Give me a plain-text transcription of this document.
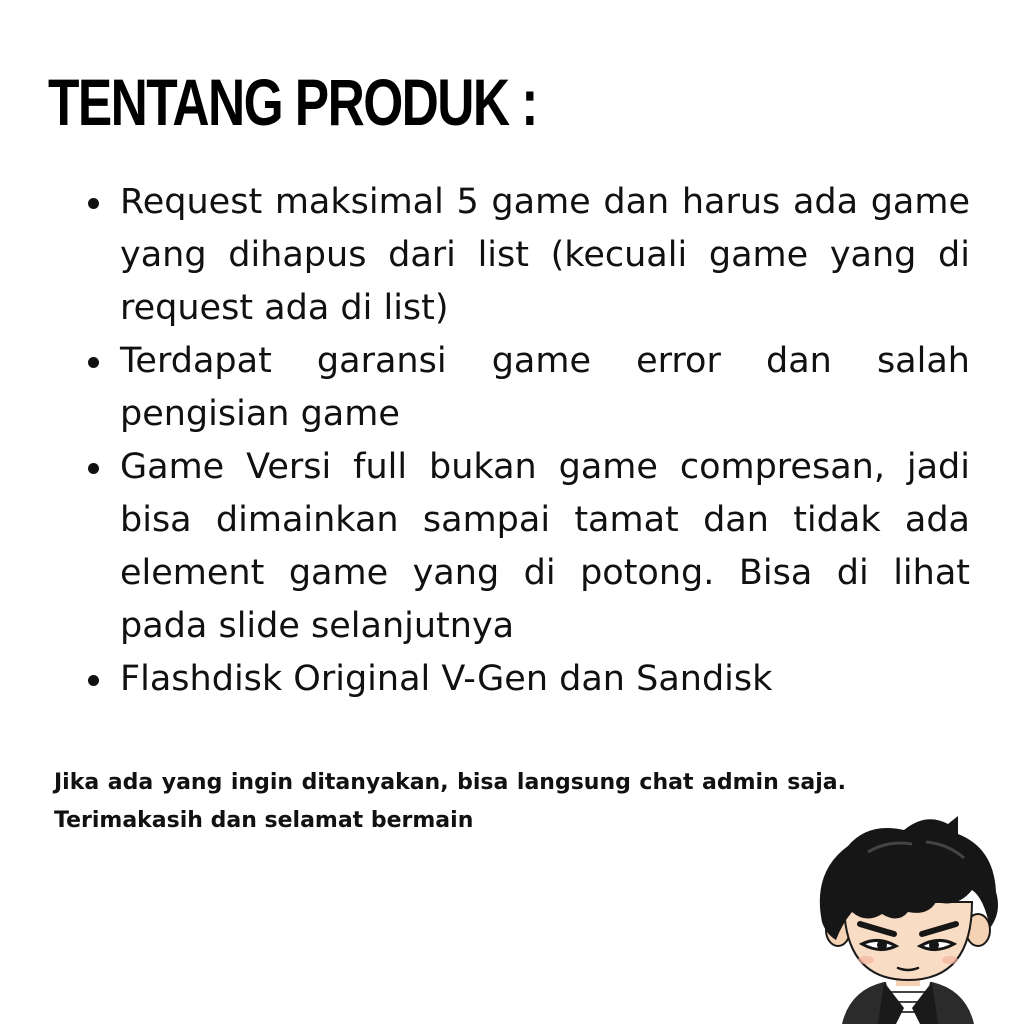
TENTANG PRODUK :
Request maksimal 5 game dan harus ada game yang dihapus dari list (kecuali game yang di request ada di list)
Terdapat garansi game error dan salah pengisian game
Game Versi full bukan game compresan, jadi bisa dimainkan sampai tamat dan tidak ada element game yang di potong. Bisa di lihat pada slide selanjutnya
Flashdisk Original V-Gen dan Sandisk

Jika ada yang ingin ditanyakan, bisa langsung chat admin saja. Terimakasih dan selamat bermain
